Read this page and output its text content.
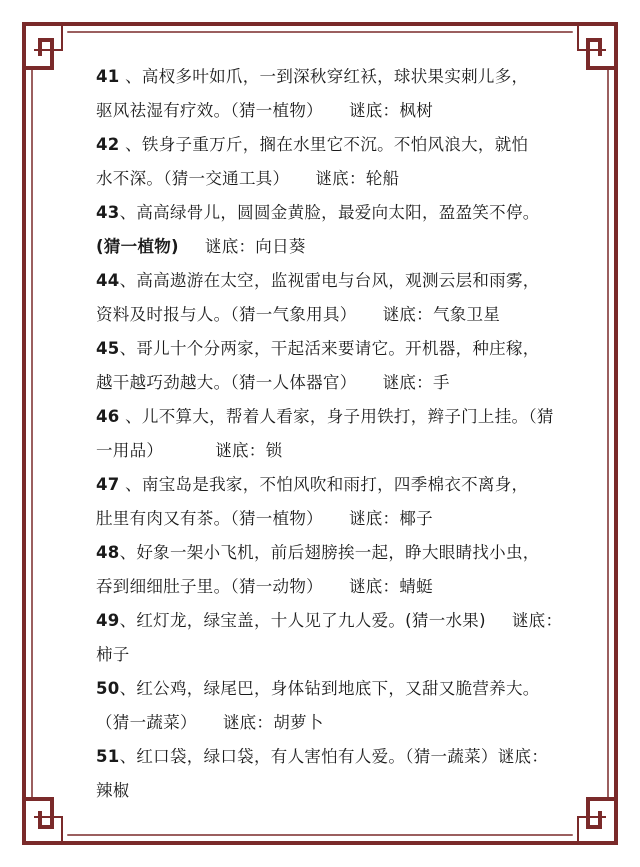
41 、高杈多叶如爪，一到深秋穿红袄，球状果实刺儿多，
驱风祛湿有疗效。（猜一植物） 谜底：枫树

42 、铁身子重万斤，搁在水里它不沉。不怕风浪大，就怕
水不深。（猜一交通工具） 谜底：轮船

43、高高绿骨儿，圆圆金黄脸，最爱向太阳，盈盈笑不停。
(猜一植物) 谜底：向日葵

44、高高遨游在太空，监视雷电与台风，观测云层和雨雾，
资料及时报与人。（猜一气象用具） 谜底：气象卫星

45、哥儿十个分两家，干起活来要请它。开机器，种庄稼，
越干越巧劲越大。（猜一人体器官） 谜底：手

46 、儿不算大，帮着人看家，身子用铁打，辫子门上挂。（猜
一用品）	谜底：锁

47 、南宝岛是我家，不怕风吹和雨打，四季棉衣不离身，
肚里有肉又有茶。（猜一植物） 谜底：椰子

48、好象一架小飞机，前后翅膀挨一起，睁大眼睛找小虫，
吞到细细肚子里。（猜一动物） 谜底：蜻蜓

49、红灯龙，绿宝盖，十人见了九人爱。(猜一水果) 谜底：
柿子

50、红公鸡，绿尾巴，身体钻到地底下，又甜又脆营养大。
（猜一蔬菜） 谜底：胡萝卜

51、红口袋，绿口袋，有人害怕有人爱。（猜一蔬菜）谜底：
辣椒
